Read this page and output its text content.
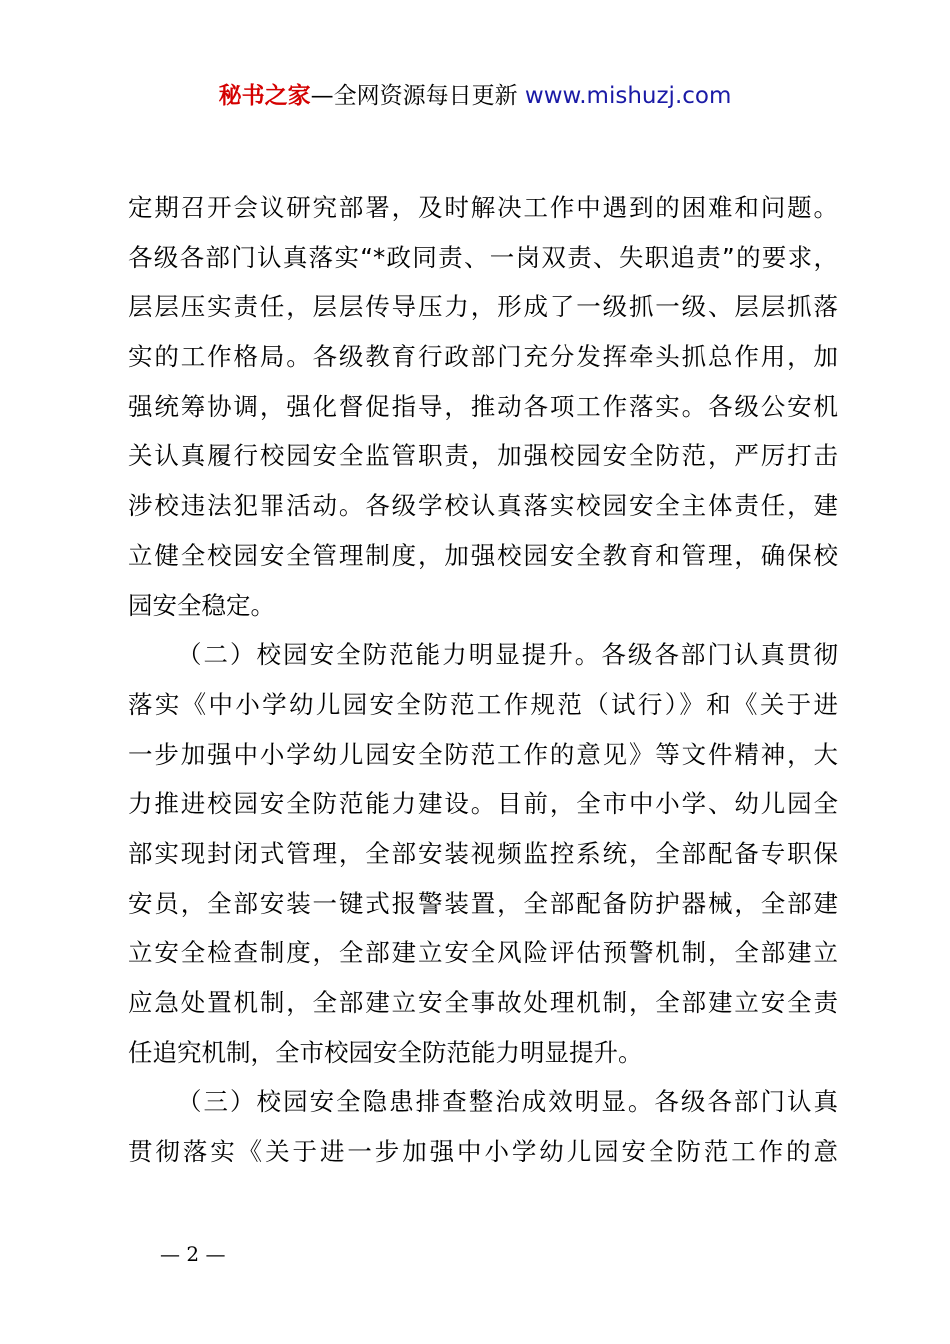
秘书之家—全网资源每日更新 www.mishuzj.com
定期召开会议研究部署，及时解决工作中遇到的困难和问题。
各级各部门认真落实“*政同责、一岗双责、失职追责”的要求，
层层压实责任，层层传导压力，形成了一级抓一级、层层抓落
实的工作格局。各级教育行政部门充分发挥牵头抓总作用，加
强统筹协调，强化督促指导，推动各项工作落实。各级公安机
关认真履行校园安全监管职责，加强校园安全防范，严厉打击
涉校违法犯罪活动。各级学校认真落实校园安全主体责任，建
立健全校园安全管理制度，加强校园安全教育和管理，确保校
园安全稳定。
（二）校园安全防范能力明显提升。各级各部门认真贯彻
落实《中小学幼儿园安全防范工作规范（试行）》和《关于进
一步加强中小学幼儿园安全防范工作的意见》等文件精神，大
力推进校园安全防范能力建设。目前，全市中小学、幼儿园全
部实现封闭式管理，全部安装视频监控系统，全部配备专职保
安员，全部安装一键式报警装置，全部配备防护器械，全部建
立安全检查制度，全部建立安全风险评估预警机制，全部建立
应急处置机制，全部建立安全事故处理机制，全部建立安全责
任追究机制，全市校园安全防范能力明显提升。
（三）校园安全隐患排查整治成效明显。各级各部门认真
贯彻落实《关于进一步加强中小学幼儿园安全防范工作的意
— 2 —
